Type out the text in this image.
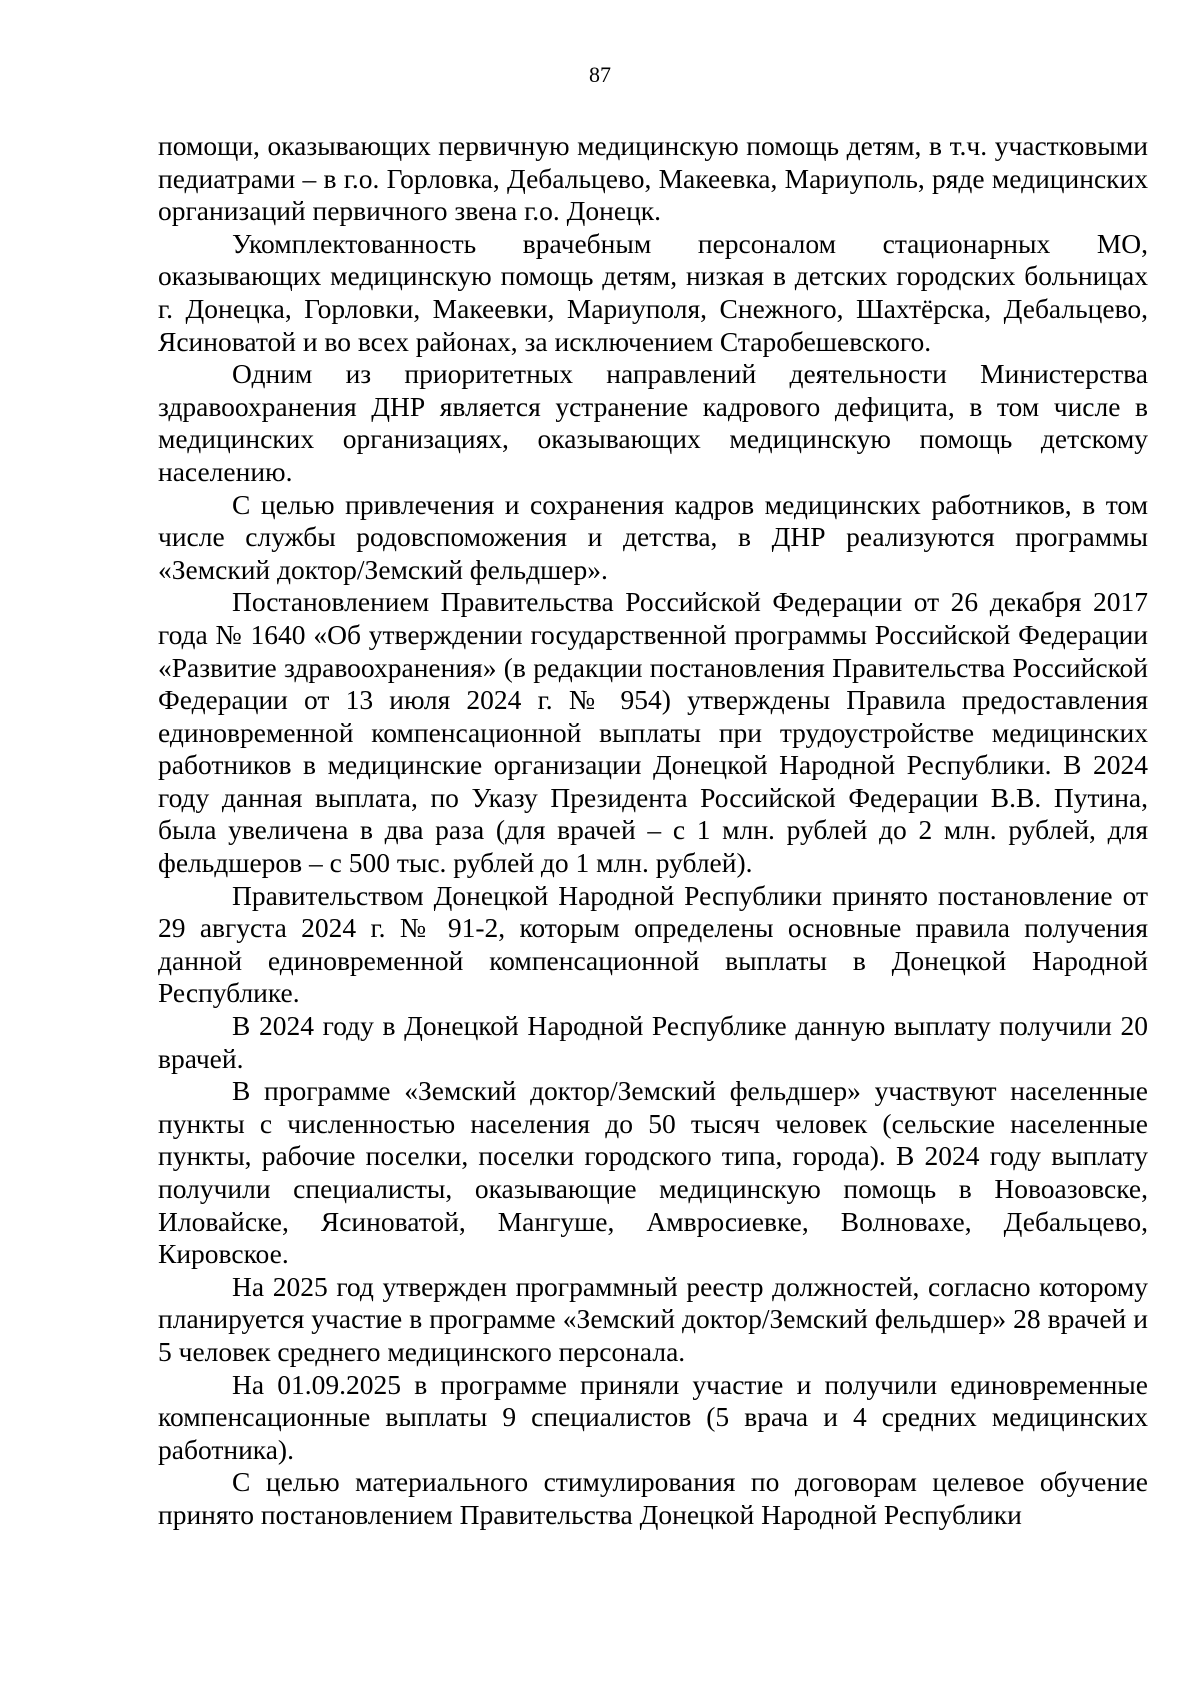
87

помощи, оказывающих первичную медицинскую помощь детям, в т.ч. участковыми педиатрами – в г.о. Горловка, Дебальцево, Макеевка, Мариуполь, ряде медицинских организаций первичного звена г.о. Донецк.

Укомплектованность врачебным персоналом стационарных МО, оказывающих медицинскую помощь детям, низкая в детских городских больницах г. Донецка, Горловки, Макеевки, Мариуполя, Снежного, Шахтёрска, Дебальцево, Ясиноватой и во всех районах, за исключением Старобешевского.

Одним из приоритетных направлений деятельности Министерства здравоохранения ДНР является устранение кадрового дефицита, в том числе в медицинских организациях, оказывающих медицинскую помощь детскому населению.

С целью привлечения и сохранения кадров медицинских работников, в том числе службы родовспоможения и детства, в ДНР реализуются программы «Земский доктор/Земский фельдшер».

Постановлением Правительства Российской Федерации от 26 декабря 2017 года № 1640 «Об утверждении государственной программы Российской Федерации «Развитие здравоохранения» (в редакции постановления Правительства Российской Федерации от 13 июля 2024 г. № 954) утверждены Правила предоставления единовременной компенсационной выплаты при трудоустройстве медицинских работников в медицинские организации Донецкой Народной Республики. В 2024 году данная выплата, по Указу Президента Российской Федерации В.В. Путина, была увеличена в два раза (для врачей – с 1 млн. рублей до 2 млн. рублей, для фельдшеров – с 500 тыс. рублей до 1 млн. рублей).

Правительством Донецкой Народной Республики принято постановление от 29 августа 2024 г. № 91-2, которым определены основные правила получения данной единовременной компенсационной выплаты в Донецкой Народной Республике.

В 2024 году в Донецкой Народной Республике данную выплату получили 20 врачей.

В программе «Земский доктор/Земский фельдшер» участвуют населенные пункты с численностью населения до 50 тысяч человек (сельские населенные пункты, рабочие поселки, поселки городского типа, города). В 2024 году выплату получили специалисты, оказывающие медицинскую помощь в Новоазовске, Иловайске, Ясиноватой, Мангуше, Амвросиевке, Волновахе, Дебальцево, Кировское.

На 2025 год утвержден программный реестр должностей, согласно которому планируется участие в программе «Земский доктор/Земский фельдшер» 28 врачей и 5 человек среднего медицинского персонала.

На 01.09.2025 в программе приняли участие и получили единовременные компенсационные выплаты 9 специалистов (5 врача и 4 средних медицинских работника).

С целью материального стимулирования по договорам целевое обучение принято постановлением Правительства Донецкой Народной Республики
